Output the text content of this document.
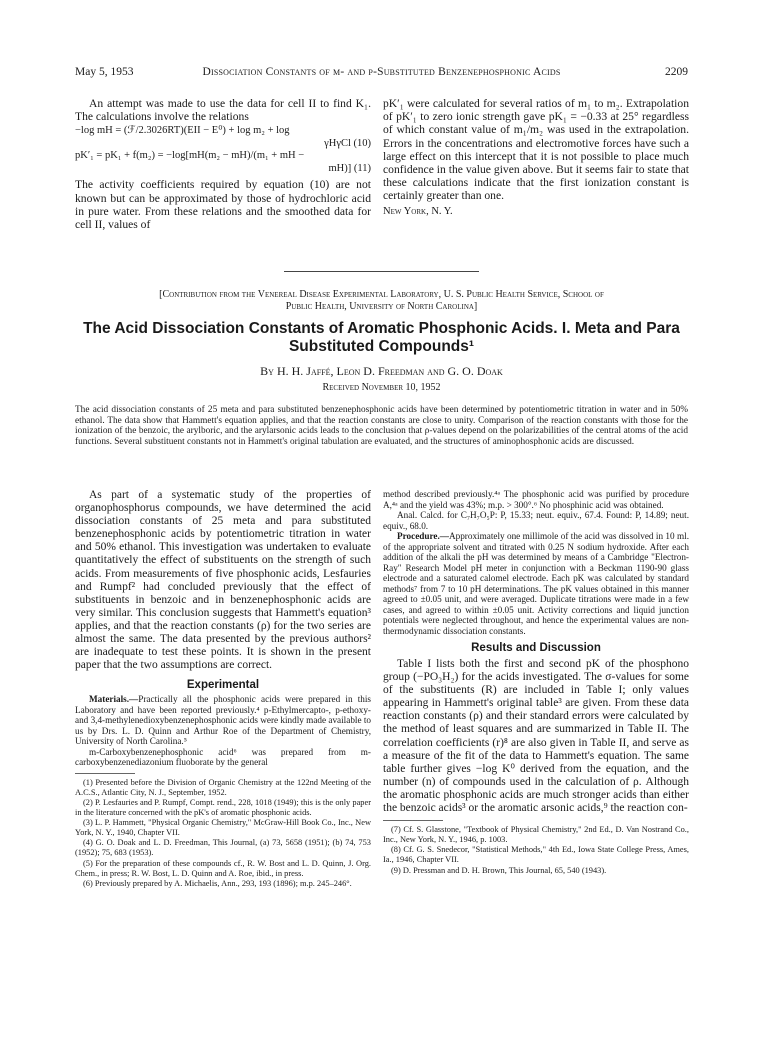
May 5, 1953	Dissociation Constants of m- and p-Substituted Benzenephosphonic Acids	2209

An attempt was made to use the data for cell II to find K₁. The calculations involve the relations

−log mH = (ℱ/2.3026RT)(EII − E⁰) + log m₂ + log

γHγCl (10)

pK′₁ = pK₁ + f(m₂) = −log[mH(m₂ − mH)/(m₁ + mH −

mH)] (11)

The activity coefficients required by equation (10) are not known but can be approximated by those of hydrochloric acid in pure water. From these relations and the smoothed data for cell II, values of

pK′₁ were calculated for several ratios of m₁ to m₂. Extrapolation of pK′₁ to zero ionic strength gave pK₁ = −0.33 at 25° regardless of which constant value of m₁/m₂ was used in the extrapolation. Errors in the concentrations and electromotive forces have such a large effect on this intercept that it is not possible to place much confidence in the value given above. But it seems fair to state that these calculations indicate that the first ionization constant is certainly greater than one.

New York, N. Y.

[Contribution from the Venereal Disease Experimental Laboratory, U. S. Public Health Service, School of
Public Health, University of North Carolina]
The Acid Dissociation Constants of Aromatic Phosphonic Acids. I. Meta and Para Substituted Compounds¹
By H. H. Jaffé, Leon D. Freedman and G. O. Doak
Received November 10, 1952
The acid dissociation constants of 25 meta and para substituted benzenephosphonic acids have been determined by potentiometric titration in water and in 50% ethanol. The data show that Hammett's equation applies, and that the reaction constants are close to unity. Comparison of the reaction constants with those for the ionization of the benzoic, the arylboric, and the arylarsonic acids leads to the conclusion that ρ-values depend on the polarizabilities of the central atoms of the acid functions. Several substituent constants not in Hammett's original tabulation are evaluated, and the structures of aminophosphonic acids are discussed.

As part of a systematic study of the properties of organophosphorus compounds, we have determined the acid dissociation constants of 25 meta and para substituted benzenephosphonic acids by potentiometric titration in water and 50% ethanol. This investigation was undertaken to evaluate quantitatively the effect of substituents on the strength of such acids. From measurements of five phosphonic acids, Lesfauries and Rumpf² had concluded previously that the effect of substituents in benzoic and in benzenephosphonic acids are very similar. This conclusion suggests that Hammett's equation³ applies, and that the reaction constants (ρ) for the two series are almost the same. The data presented by the previous authors² are inadequate to test these points. It is shown in the present paper that the two assumptions are correct.

Experimental

Materials.—Practically all the phosphonic acids were prepared in this Laboratory and have been reported previously.⁴ p-Ethylmercapto-, p-ethoxy- and 3,4-methylenedioxybenzenephosphonic acids were kindly made available to us by Drs. L. D. Quinn and Arthur Roe of the Department of Chemistry, University of North Carolina.⁵

m-Carboxybenzenephosphonic acid⁶ was prepared from m-carboxybenzenediazonium fluoborate by the general

(1) Presented before the Division of Organic Chemistry at the 122nd Meeting of the A.C.S., Atlantic City, N. J., September, 1952.

(2) P. Lesfauries and P. Rumpf, Compt. rend., 228, 1018 (1949); this is the only paper in the literature concerned with the pK's of aromatic phosphonic acids.

(3) L. P. Hammett, "Physical Organic Chemistry," McGraw-Hill Book Co., Inc., New York, N. Y., 1940, Chapter VII.

(4) G. O. Doak and L. D. Freedman, This Journal, (a) 73, 5658 (1951); (b) 74, 753 (1952); 75, 683 (1953).

(5) For the preparation of these compounds cf., R. W. Bost and L. D. Quinn, J. Org. Chem., in press; R. W. Bost, L. D. Quinn and A. Roe, ibid., in press.

(6) Previously prepared by A. Michaelis, Ann., 293, 193 (1896); m.p. 245–246°.

method described previously.⁴ᵃ The phosphonic acid was purified by procedure A,⁴ᵃ and the yield was 43%; m.p. > 300°.⁶ No phosphinic acid was obtained.

Anal. Calcd. for C₇H₇O₅P: P, 15.33; neut. equiv., 67.4. Found: P, 14.89; neut. equiv., 68.0.

Procedure.—Approximately one millimole of the acid was dissolved in 10 ml. of the appropriate solvent and titrated with 0.25 N sodium hydroxide. After each addition of the alkali the pH was determined by means of a Cambridge "Electron-Ray" Research Model pH meter in conjunction with a Beckman 1190-90 glass electrode and a saturated calomel electrode. Each pK was calculated by standard methods⁷ from 7 to 10 pH determinations. The pK values obtained in this manner agreed to ±0.05 unit, and were averaged. Duplicate titrations were made in a few cases, and agreed to within ±0.05 unit. Activity corrections and liquid junction potentials were neglected throughout, and hence the experimental values are non-thermodynamic dissociation constants.

Results and Discussion

Table I lists both the first and second pK of the phosphono group (−PO₃H₂) for the acids investigated. The σ-values for some of the substituents (R) are included in Table I; only values appearing in Hammett's original table³ are given. From these data reaction constants (ρ) and their standard errors were calculated by the method of least squares and are summarized in Table II. The correlation coefficients (r)⁸ are also given in Table II, and serve as a measure of the fit of the data to Hammett's equation. The same table further gives −log K⁰ derived from the equation, and the number (n) of compounds used in the calculation of ρ. Although the aromatic phosphonic acids are much stronger acids than either the benzoic acids³ or the aromatic arsonic acids,⁹ the reaction con-

(7) Cf. S. Glasstone, "Textbook of Physical Chemistry," 2nd Ed., D. Van Nostrand Co., Inc., New York, N. Y., 1946, p. 1003.

(8) Cf. G. S. Snedecor, "Statistical Methods," 4th Ed., Iowa State College Press, Ames, Ia., 1946, Chapter VII.

(9) D. Pressman and D. H. Brown, This Journal, 65, 540 (1943).
